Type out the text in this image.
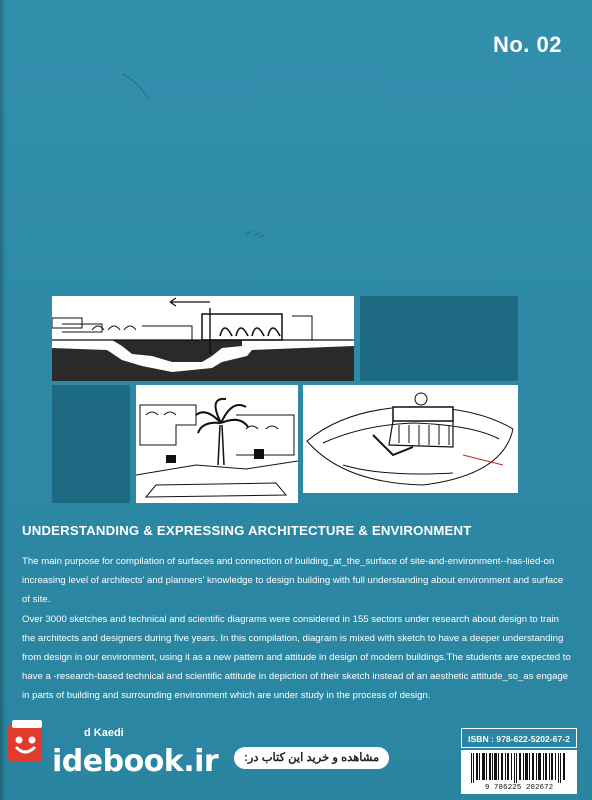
No. 02
UNDERSTANDING & EXPRESSING ARCHITECTURE & ENVIRONMENT

The main purpose for compilation of surfaces and connection of building_at_the_surface of site-and-environment--has-lied-on increasing level of architects' and planners' knowledge to design building with full understanding about environment and surface of site.

Over 3000 sketches and technical and scientific diagrams were considered in 155 sectors under research about design to train the architects and designers during five years. In this compilation, diagram is mixed with sketch to have a deeper understanding from design in our environment, using it as a new pattern and attitude in design of modern buildings.The students are expected to have a -research-based technical and scientific attitude in depiction of their sketch instead of an aesthetic attitude_so_as engage in parts of building and surrounding environment which are under study in the process of design.

d Kaedi
idebook.ir	مشاهده و خرید این کتاب در:
ISBN : 978-622-5202-67-2
9 786225 202672
